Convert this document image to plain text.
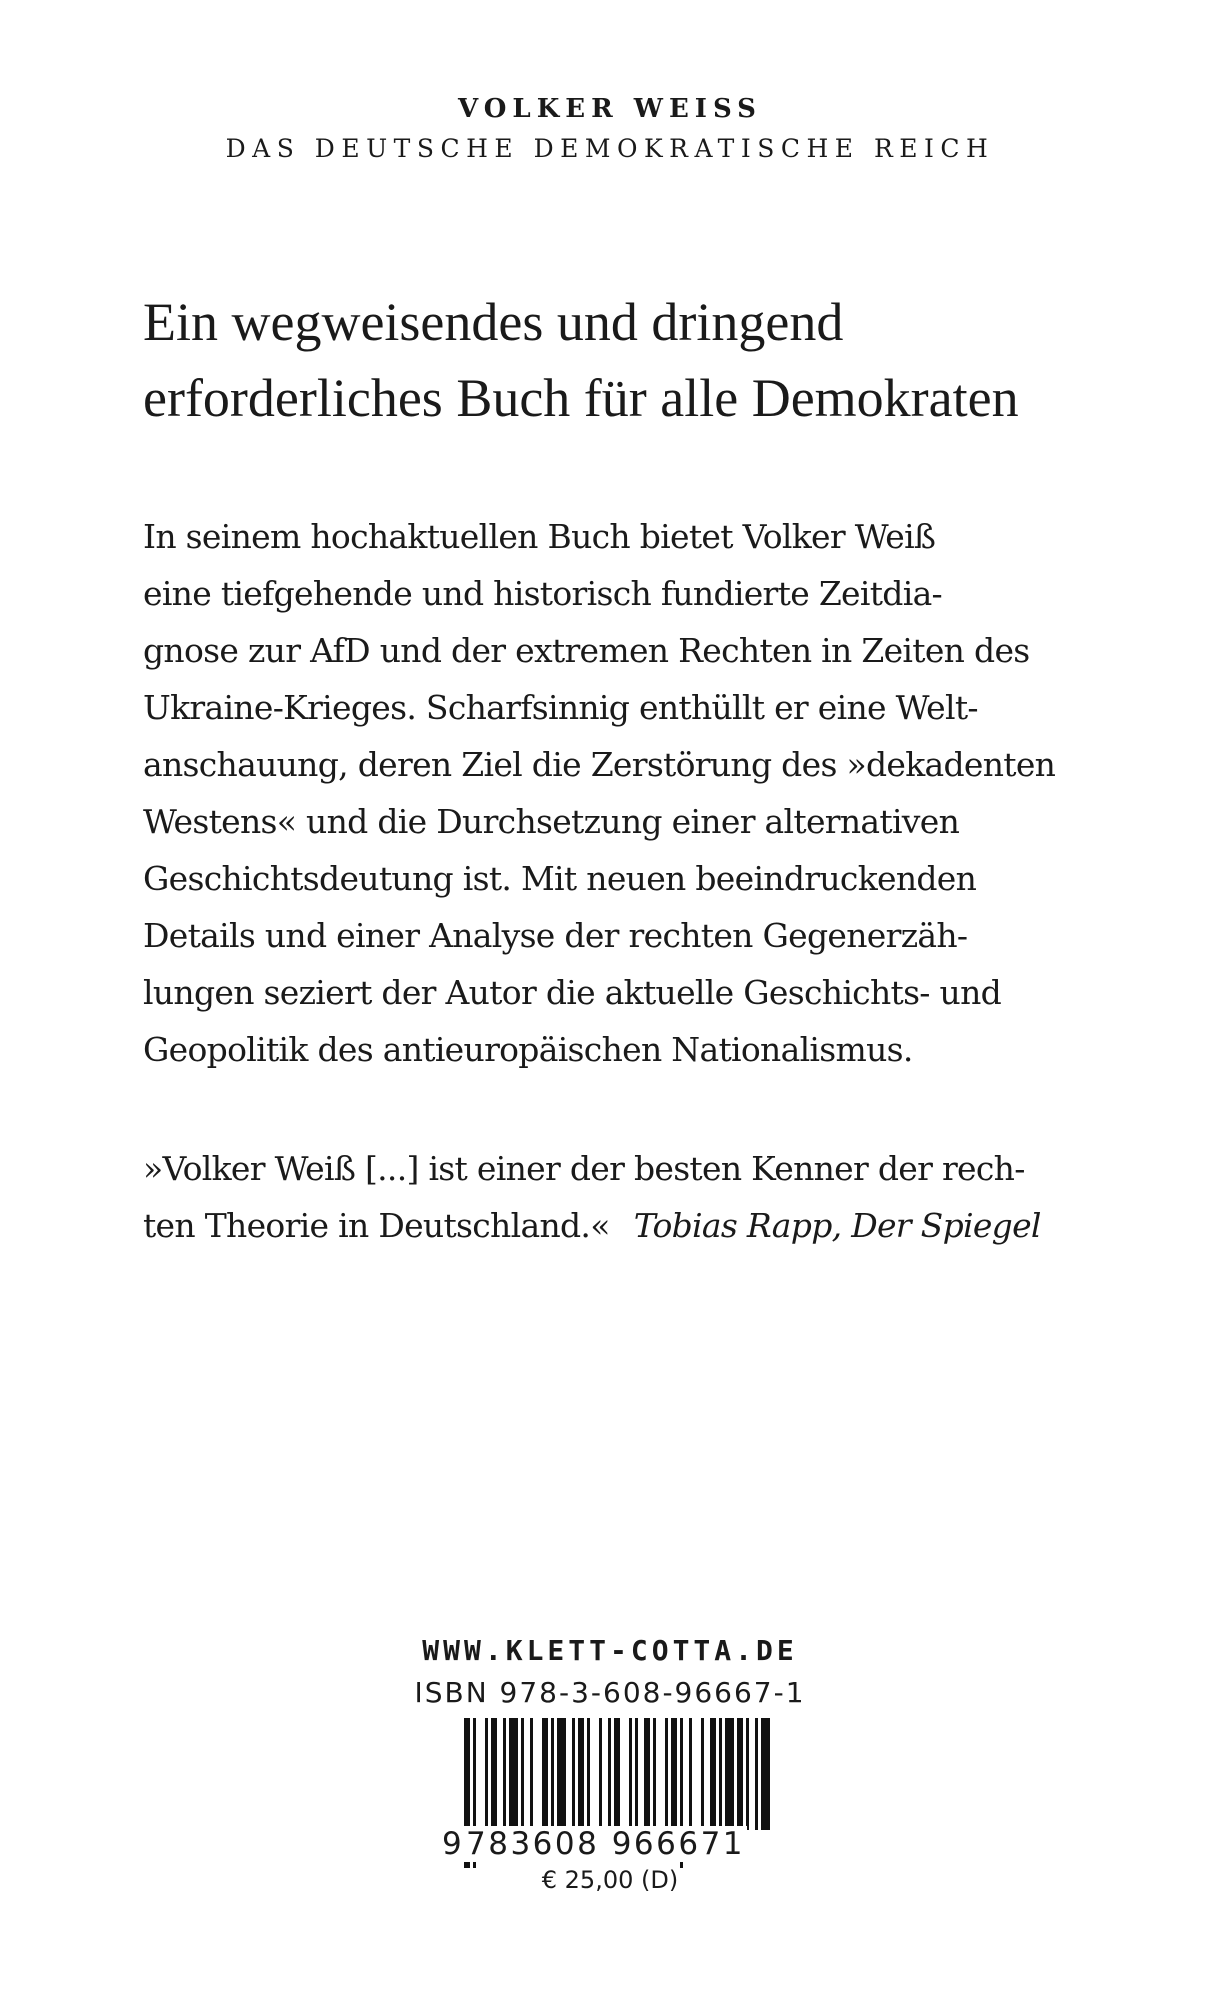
VOLKER WEISS
DAS DEUTSCHE DEMOKRATISCHE REICH
Ein wegweisendes und dringend
erforderliches Buch für alle Demokraten
In seinem hochaktuellen Buch bietet Volker Weiß
eine tiefgehende und historisch fundierte Zeitdia-
gnose zur AfD und der extremen Rechten in Zeiten des
Ukraine-Krieges. Scharfsinnig enthüllt er eine Welt-
anschauung, deren Ziel die Zerstörung des »dekadenten
Westens« und die Durchsetzung einer alternativen
Geschichtsdeutung ist. Mit neuen beeindruckenden
Details und einer Analyse der rechten Gegenerzäh-
lungen seziert der Autor die aktuelle Geschichts- und
Geopolitik des antieuropäischen Nationalismus.
»Volker Weiß [...] ist einer der besten Kenner der rech-
ten Theorie in Deutschland.« Tobias Rapp, Der Spiegel
WWW.KLETT-COTTA.DE
ISBN 978-3-608-96667-1
9 783608 966671
€ 25,00 (D)
